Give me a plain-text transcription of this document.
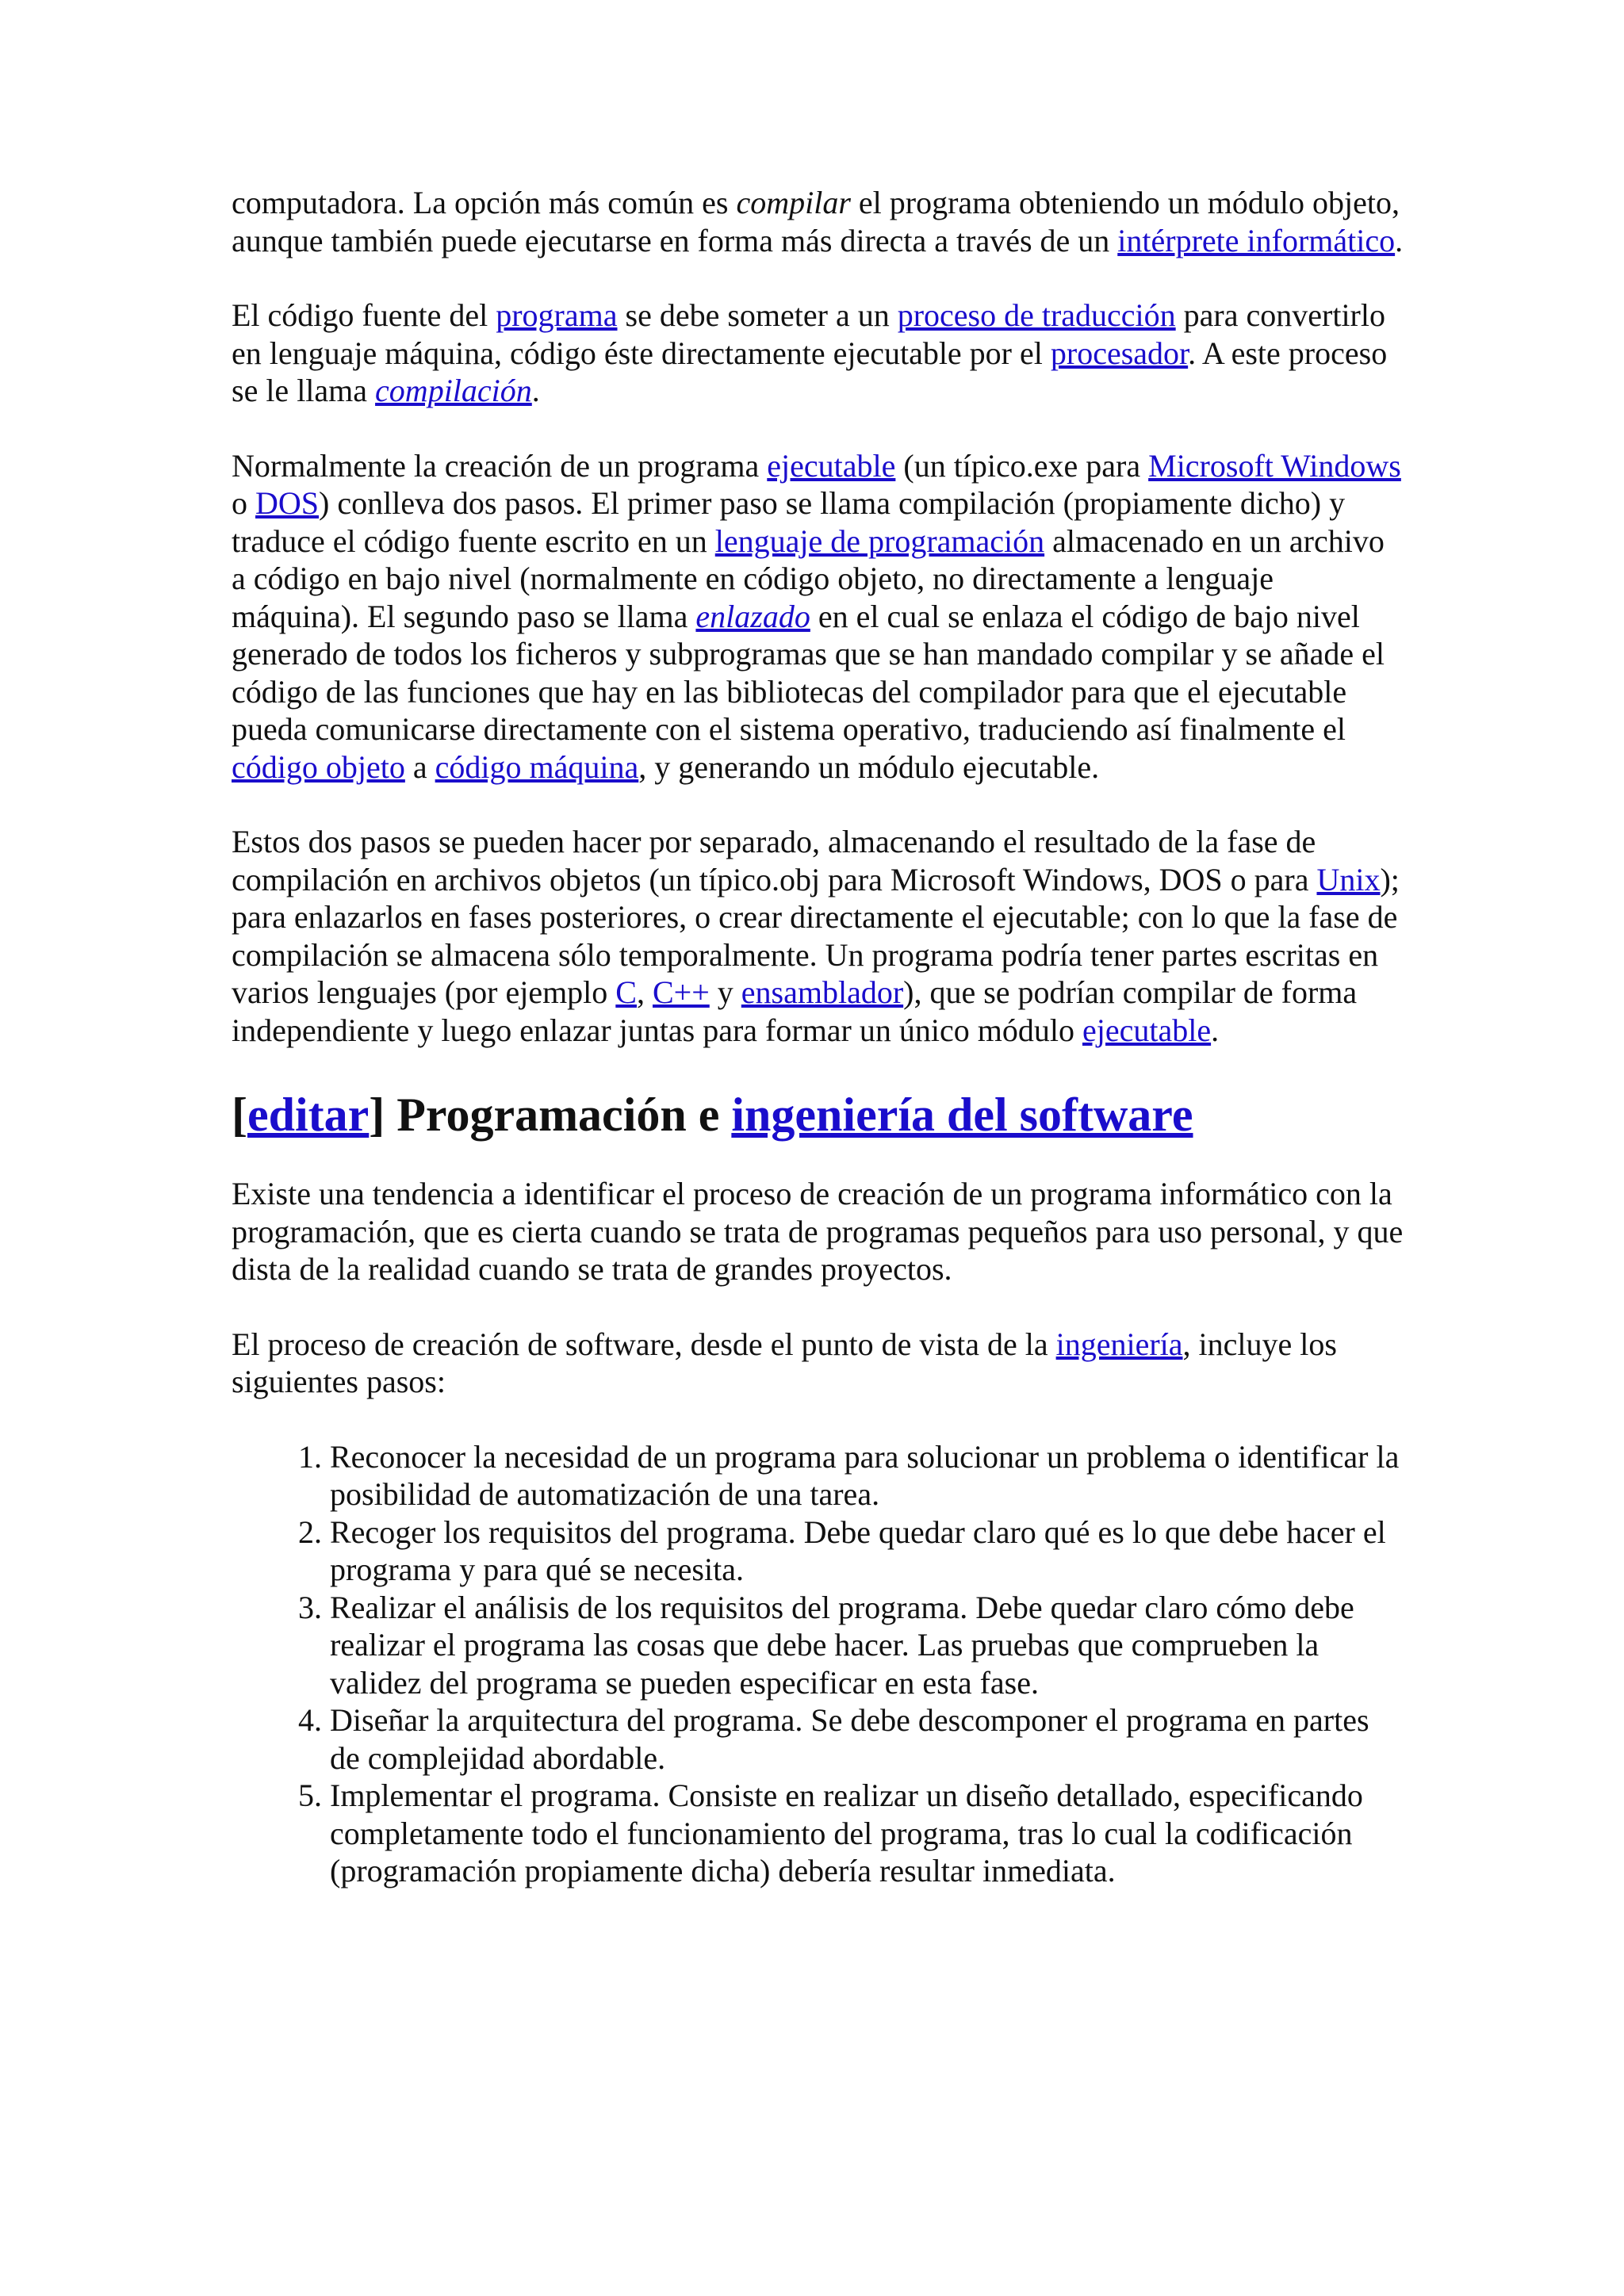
computadora. La opción más común es compilar el programa obteniendo un módulo objeto, aunque también puede ejecutarse en forma más directa a través de un intérprete informático.

El código fuente del programa se debe someter a un proceso de traducción para convertirlo en lenguaje máquina, código éste directamente ejecutable por el procesador. A este proceso se le llama compilación.

Normalmente la creación de un programa ejecutable (un típico.exe para Microsoft Windows o DOS) conlleva dos pasos. El primer paso se llama compilación (propiamente dicho) y traduce el código fuente escrito en un lenguaje de programación almacenado en un archivo a código en bajo nivel (normalmente en código objeto, no directamente a lenguaje máquina). El segundo paso se llama enlazado en el cual se enlaza el código de bajo nivel generado de todos los ficheros y subprogramas que se han mandado compilar y se añade el código de las funciones que hay en las bibliotecas del compilador para que el ejecutable pueda comunicarse directamente con el sistema operativo, traduciendo así finalmente el código objeto a código máquina, y generando un módulo ejecutable.

Estos dos pasos se pueden hacer por separado, almacenando el resultado de la fase de compilación en archivos objetos (un típico.obj para Microsoft Windows, DOS o para Unix); para enlazarlos en fases posteriores, o crear directamente el ejecutable; con lo que la fase de compilación se almacena sólo temporalmente. Un programa podría tener partes escritas en varios lenguajes (por ejemplo C, C++ y ensamblador), que se podrían compilar de forma independiente y luego enlazar juntas para formar un único módulo ejecutable.

[editar] Programación e ingeniería del software

Existe una tendencia a identificar el proceso de creación de un programa informático con la programación, que es cierta cuando se trata de programas pequeños para uso personal, y que dista de la realidad cuando se trata de grandes proyectos.

El proceso de creación de software, desde el punto de vista de la ingeniería, incluye los siguientes pasos:

1. Reconocer la necesidad de un programa para solucionar un problema o identificar la posibilidad de automatización de una tarea.
2. Recoger los requisitos del programa. Debe quedar claro qué es lo que debe hacer el programa y para qué se necesita.
3. Realizar el análisis de los requisitos del programa. Debe quedar claro cómo debe realizar el programa las cosas que debe hacer. Las pruebas que comprueben la validez del programa se pueden especificar en esta fase.
4. Diseñar la arquitectura del programa. Se debe descomponer el programa en partes de complejidad abordable.
5. Implementar el programa. Consiste en realizar un diseño detallado, especificando completamente todo el funcionamiento del programa, tras lo cual la codificación (programación propiamente dicha) debería resultar inmediata.
